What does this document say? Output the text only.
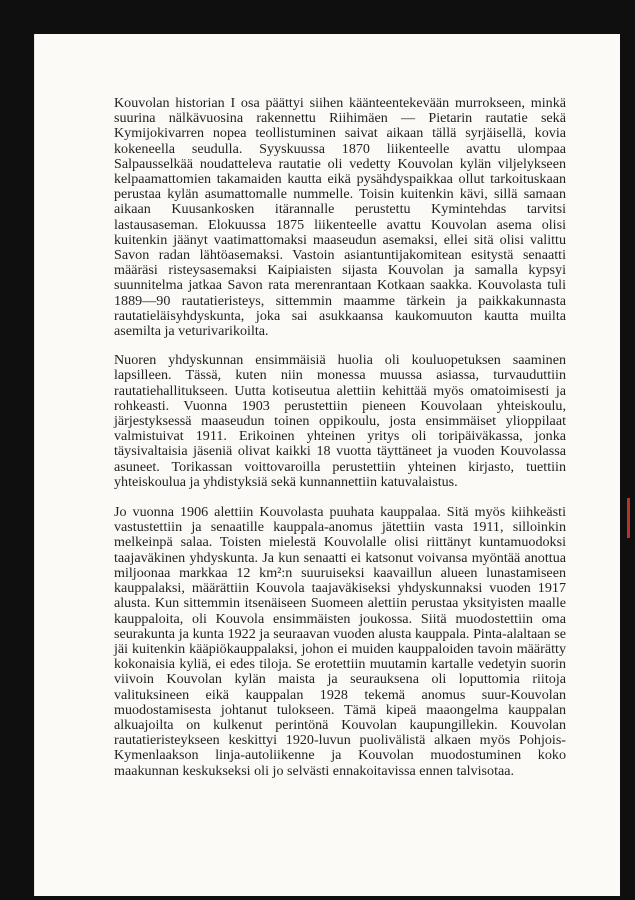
Kouvolan historian I osa päättyi siihen käänteentekevään murrokseen, minkä suurina nälkävuosina rakennettu Riihimäen — Pietarin rautatie sekä Kymijokivarren nopea teollistuminen saivat aikaan tällä syrjäisellä, kovia kokeneella seudulla. Syyskuussa 1870 liikenteelle avattu ulompaa Salpausselkää noudatteleva rautatie oli vedetty Kouvolan kylän viljelykseen kelpaamattomien takamaiden kautta eikä pysähdyspaikkaa ollut tarkoituskaan perustaa kylän asumattomalle nummelle. Toisin kuitenkin kävi, sillä samaan aikaan Kuusankosken itärannalle perustettu Kymintehdas tarvitsi lastausaseman. Elokuussa 1875 liikenteelle avattu Kouvolan asema olisi kuitenkin jäänyt vaatimattomaksi maaseudun asemaksi, ellei sitä olisi valittu Savon radan lähtöasemaksi. Vastoin asiantuntijakomitean esitystä senaatti määräsi risteysasemaksi Kaipiaisten sijasta Kouvolan ja samalla kypsyi suunnitelma jatkaa Savon rata merenrantaan Kotkaan saakka. Kouvolasta tuli 1889—90 rautatieristeys, sittemmin maamme tärkein ja paikkakunnasta rautatieläisyhdyskunta, joka sai asukkaansa kaukomuuton kautta muilta asemilta ja veturivarikoilta.

Nuoren yhdyskunnan ensimmäisiä huolia oli kouluopetuksen saaminen lapsilleen. Tässä, kuten niin monessa muussa asiassa, turvauduttiin rautatiehallitukseen. Uutta kotiseutua alettiin kehittää myös omatoimisesti ja rohkeasti. Vuonna 1903 perustettiin pieneen Kouvolaan yhteiskoulu, järjestyksessä maaseudun toinen oppikoulu, josta ensimmäiset ylioppilaat valmistuivat 1911. Erikoinen yhteinen yritys oli toripäiväkassa, jonka täysivaltaisia jäseniä olivat kaikki 18 vuotta täyttäneet ja vuoden Kouvolassa asuneet. Torikassan voittovaroilla perustettiin yhteinen kirjasto, tuettiin yhteiskoulua ja yhdistyksiä sekä kunnannettiin katuvalaistus.

Jo vuonna 1906 alettiin Kouvolasta puuhata kauppalaa. Sitä myös kiihkeästi vastustettiin ja senaatille kauppala-anomus jätettiin vasta 1911, silloinkin melkeinpä salaa. Toisten mielestä Kouvolalle olisi riittänyt kuntamuodoksi taajaväkinen yhdyskunta. Ja kun senaatti ei katsonut voivansa myöntää anottua miljoonaa markkaa 12 km²:n suuruiseksi kaavaillun alueen lunastamiseen kauppalaksi, määrättiin Kouvola taajaväkiseksi yhdyskunnaksi vuoden 1917 alusta. Kun sittemmin itsenäiseen Suomeen alettiin perustaa yksityisten maalle kauppaloita, oli Kouvola ensimmäisten joukossa. Siitä muodostettiin oma seurakunta ja kunta 1922 ja seuraavan vuoden alusta kauppala. Pinta-alaltaan se jäi kuitenkin kääpiökauppalaksi, johon ei muiden kauppaloiden tavoin määrätty kokonaisia kyliä, ei edes tiloja. Se erotettiin muutamin kartalle vedetyin suorin viivoin Kouvolan kylän maista ja seurauksena oli loputtomia riitoja valituksineen eikä kauppalan 1928 tekemä anomus suur-Kouvolan muodostamisesta johtanut tulokseen. Tämä kipeä maaongelma kauppalan alkuajoilta on kulkenut perintönä Kouvolan kaupungillekin. Kouvolan rautatieristeykseen keskittyi 1920-luvun puolivälistä alkaen myös Pohjois-Kymenlaakson linja-autoliikenne ja Kouvolan muodostuminen koko maakunnan keskukseksi oli jo selvästi ennakoitavissa ennen talvisotaa.
